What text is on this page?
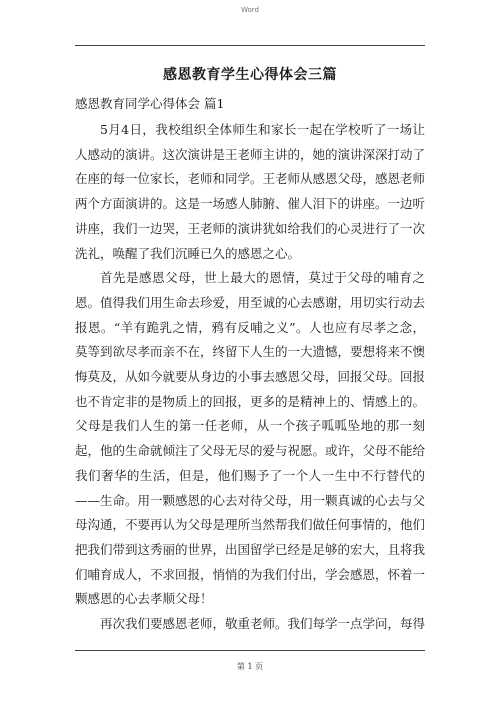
Word
感恩教育学生心得体会三篇
感恩教育同学心得体会 篇1

5月4日，我校组织全体师生和家长一起在学校听了一场让人感动的演讲。这次演讲是王老师主讲的，她的演讲深深打动了在座的每一位家长，老师和同学。王老师从感恩父母，感恩老师两个方面演讲的。这是一场感人肺腑、催人泪下的讲座。一边听讲座，我们一边哭，王老师的演讲犹如给我们的心灵进行了一次洗礼，唤醒了我们沉睡已久的感恩之心。

首先是感恩父母，世上最大的恩情，莫过于父母的哺育之恩。值得我们用生命去珍爱，用至诚的心去感谢，用切实行动去报恩。“羊有跪乳之情，鸦有反哺之义”。人也应有尽孝之念，莫等到欲尽孝而亲不在，终留下人生的一大遗憾，要想将来不懊悔莫及，从如今就要从身边的小事去感恩父母，回报父母。回报也不肯定非的是物质上的回报，更多的是精神上的、情感上的。父母是我们人生的第一任老师，从一个孩子呱呱坠地的那一刻起，他的生命就倾注了父母无尽的爱与祝愿。或许，父母不能给我们奢华的生活，但是，他们赐予了一个人一生中不行替代的——生命。用一颗感恩的心去对待父母，用一颗真诚的心去与父母沟通，不要再认为父母是理所当然帮我们做任何事情的，他们把我们带到这秀丽的世界，出国留学已经是足够的宏大，且将我们哺育成人，不求回报，悄悄的为我们付出，学会感恩，怀着一颗感恩的心去孝顺父母！

再次我们要感恩老师，敬重老师。我们每学一点学问，每得

第 1 页
